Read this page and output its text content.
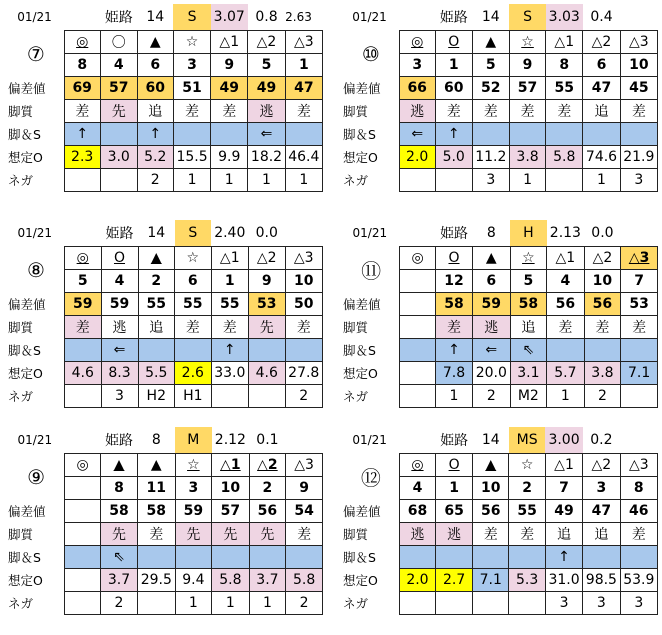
01/21		姫路	14	S	3.07	0.8	2.63
⑦	◎	〇	▲	☆	△1	△2	△3
	8	4	6	3	9	5	1
偏差値	69	57	60	51	49	49	47
脚質	差	先	追	差	差	逃	差
脚＆S	↑		↑			⇐	
想定O	2.3	3.0	5.2	15.5	9.9	18.2	46.4
ネガ			2	1	1	1	1
01/21		姫路	14	S	3.03	0.4	
⑩	◎	O	▲	☆	△1	△2	△3
	3	1	5	9	8	6	10
偏差値	66	60	52	57	55	47	45
脚質	逃	差	差	差	差	追	差
脚＆S	⇐	↑					
想定O	2.0	5.0	11.2	3.8	5.8	74.6	21.9
ネガ			3	1		1	3
01/21		姫路	14	S	2.40	0.0	
⑧	◎	O	▲	☆	△1	△2	△3
	5	4	2	6	1	9	10
偏差値	59	59	55	55	55	53	50
脚質	差	逃	追	差	差	先	差
脚＆S		⇐			↑		
想定O	4.6	8.3	5.5	2.6	33.0	4.6	27.8
ネガ		3	H2	H1			2
01/21		姫路	8	H	2.13	0.0	
⑪	◎	O	▲	☆	△1	△2	△3
		12	6	5	4	10	7
偏差値		58	59	58	56	56	53
脚質		差	逃	追	差	差	差
脚＆S		↑	⇐	⇖			
想定O		7.8	20.0	3.1	5.7	3.8	7.1
ネガ		1	2	M2	1	2	
01/21		姫路	8	M	2.12	0.1	
⑨	◎	▲	▲	☆	△1	△2	△3
		8	11	3	10	2	9
偏差値		58	58	59	57	56	54
脚質		先	差	先	先	先	差
脚＆S		⇖					
想定O		3.7	29.5	9.4	5.8	3.7	5.8
ネガ		2		1	1	1	2
01/21		姫路	14	MS	3.00	0.2	
⑫	◎	O	▲	☆	△1	△2	△3
	4	1	10	2	7	3	8
偏差値	68	65	56	55	49	47	46
脚質	逃	逃	差	差	追	追	差
脚＆S					↑		
想定O	2.0	2.7	7.1	5.3	31.0	98.5	53.9
ネガ					3	3	3
